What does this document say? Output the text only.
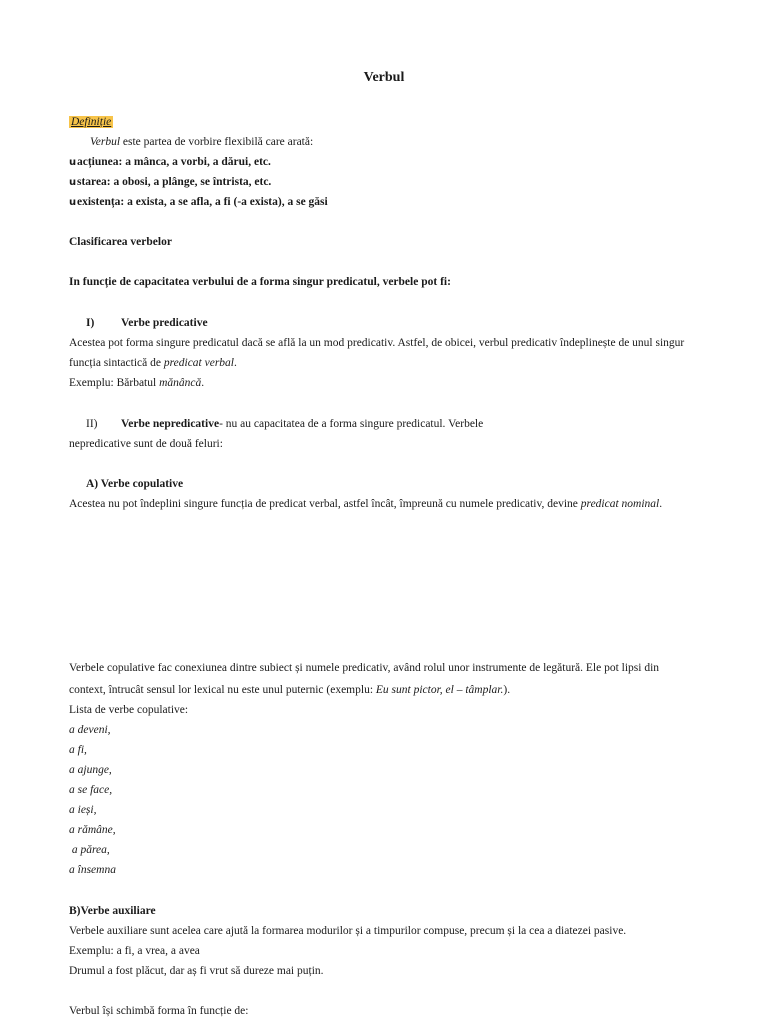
Verbul
Definiție
Verbul este partea de vorbire flexibilă care arată:
uacțiunea: a mânca, a vorbi, a dărui, etc.
ustarea: a obosi, a plânge, se întrista, etc.
uexistența: a exista, a se afla, a fi (-a exista), a se găsi
Clasificarea verbelor
In funcție de capacitatea verbului de a forma singur predicatul, verbele pot fi:
I) Verbe predicative
Acestea pot forma singure predicatul dacă se află la un mod predicativ. Astfel, de obicei, verbul predicativ îndeplinește de unul singur
funcția sintactică de predicat verbal.
Exemplu: Bărbatul mănâncă.
II) Verbe nepredicative- nu au capacitatea de a forma singure predicatul. Verbele
nepredicative sunt de două feluri:
A) Verbe copulative
Acestea nu pot îndeplini singure funcția de predicat verbal, astfel încât, împreună cu numele predicativ, devine predicat nominal.
Verbele copulative fac conexiunea dintre subiect și numele predicativ, având rolul unor instrumente de legătură. Ele pot lipsi din
context, întrucât sensul lor lexical nu este unul puternic (exemplu: Eu sunt pictor, el – tâmplar.).
Lista de verbe copulative:
a deveni,
a fi,
a ajunge,
a se face,
a ieși,
a rămâne,
a părea,
a însemna
B)Verbe auxiliare
Verbele auxiliare sunt acelea care ajută la formarea modurilor și a timpurilor compuse, precum și la cea a diatezei pasive.
Exemplu: a fi, a vrea, a avea
Drumul a fost plăcut, dar aș fi vrut să dureze mai puțin.
Verbul își schimbă forma în funcție de:
